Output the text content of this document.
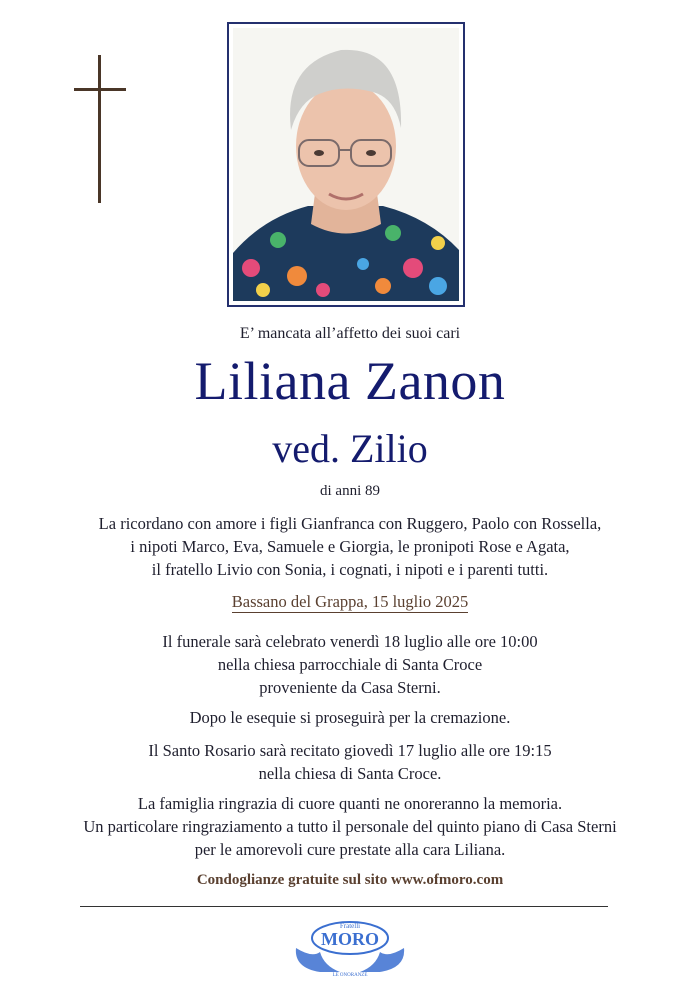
E’ mancata all’affetto dei suoi cari
Liliana Zanon
ved. Zilio
di anni 89
La ricordano con amore i figli Gianfranca con Ruggero, Paolo con Rossella,
i nipoti Marco, Eva, Samuele e Giorgia, le pronipoti Rose e Agata,
il fratello Livio con Sonia, i cognati, i nipoti e i parenti tutti.
Bassano del Grappa, 15 luglio 2025
Il funerale sarà celebrato venerdì 18 luglio alle ore 10:00
nella chiesa parrocchiale di Santa Croce
proveniente da Casa Sterni.
Dopo le esequie si proseguirà per la cremazione.
Il Santo Rosario sarà recitato giovedì 17 luglio alle ore 19:15
nella chiesa di Santa Croce.
La famiglia ringrazia di cuore quanti ne onoreranno la memoria.
Un particolare ringraziamento a tutto il personale del quinto piano di Casa Sterni
per le amorevoli cure prestate alla cara Liliana.
Condoglianze gratuite sul sito www.ofmoro.com
Fratelli
MORO
LE ONORANZE
